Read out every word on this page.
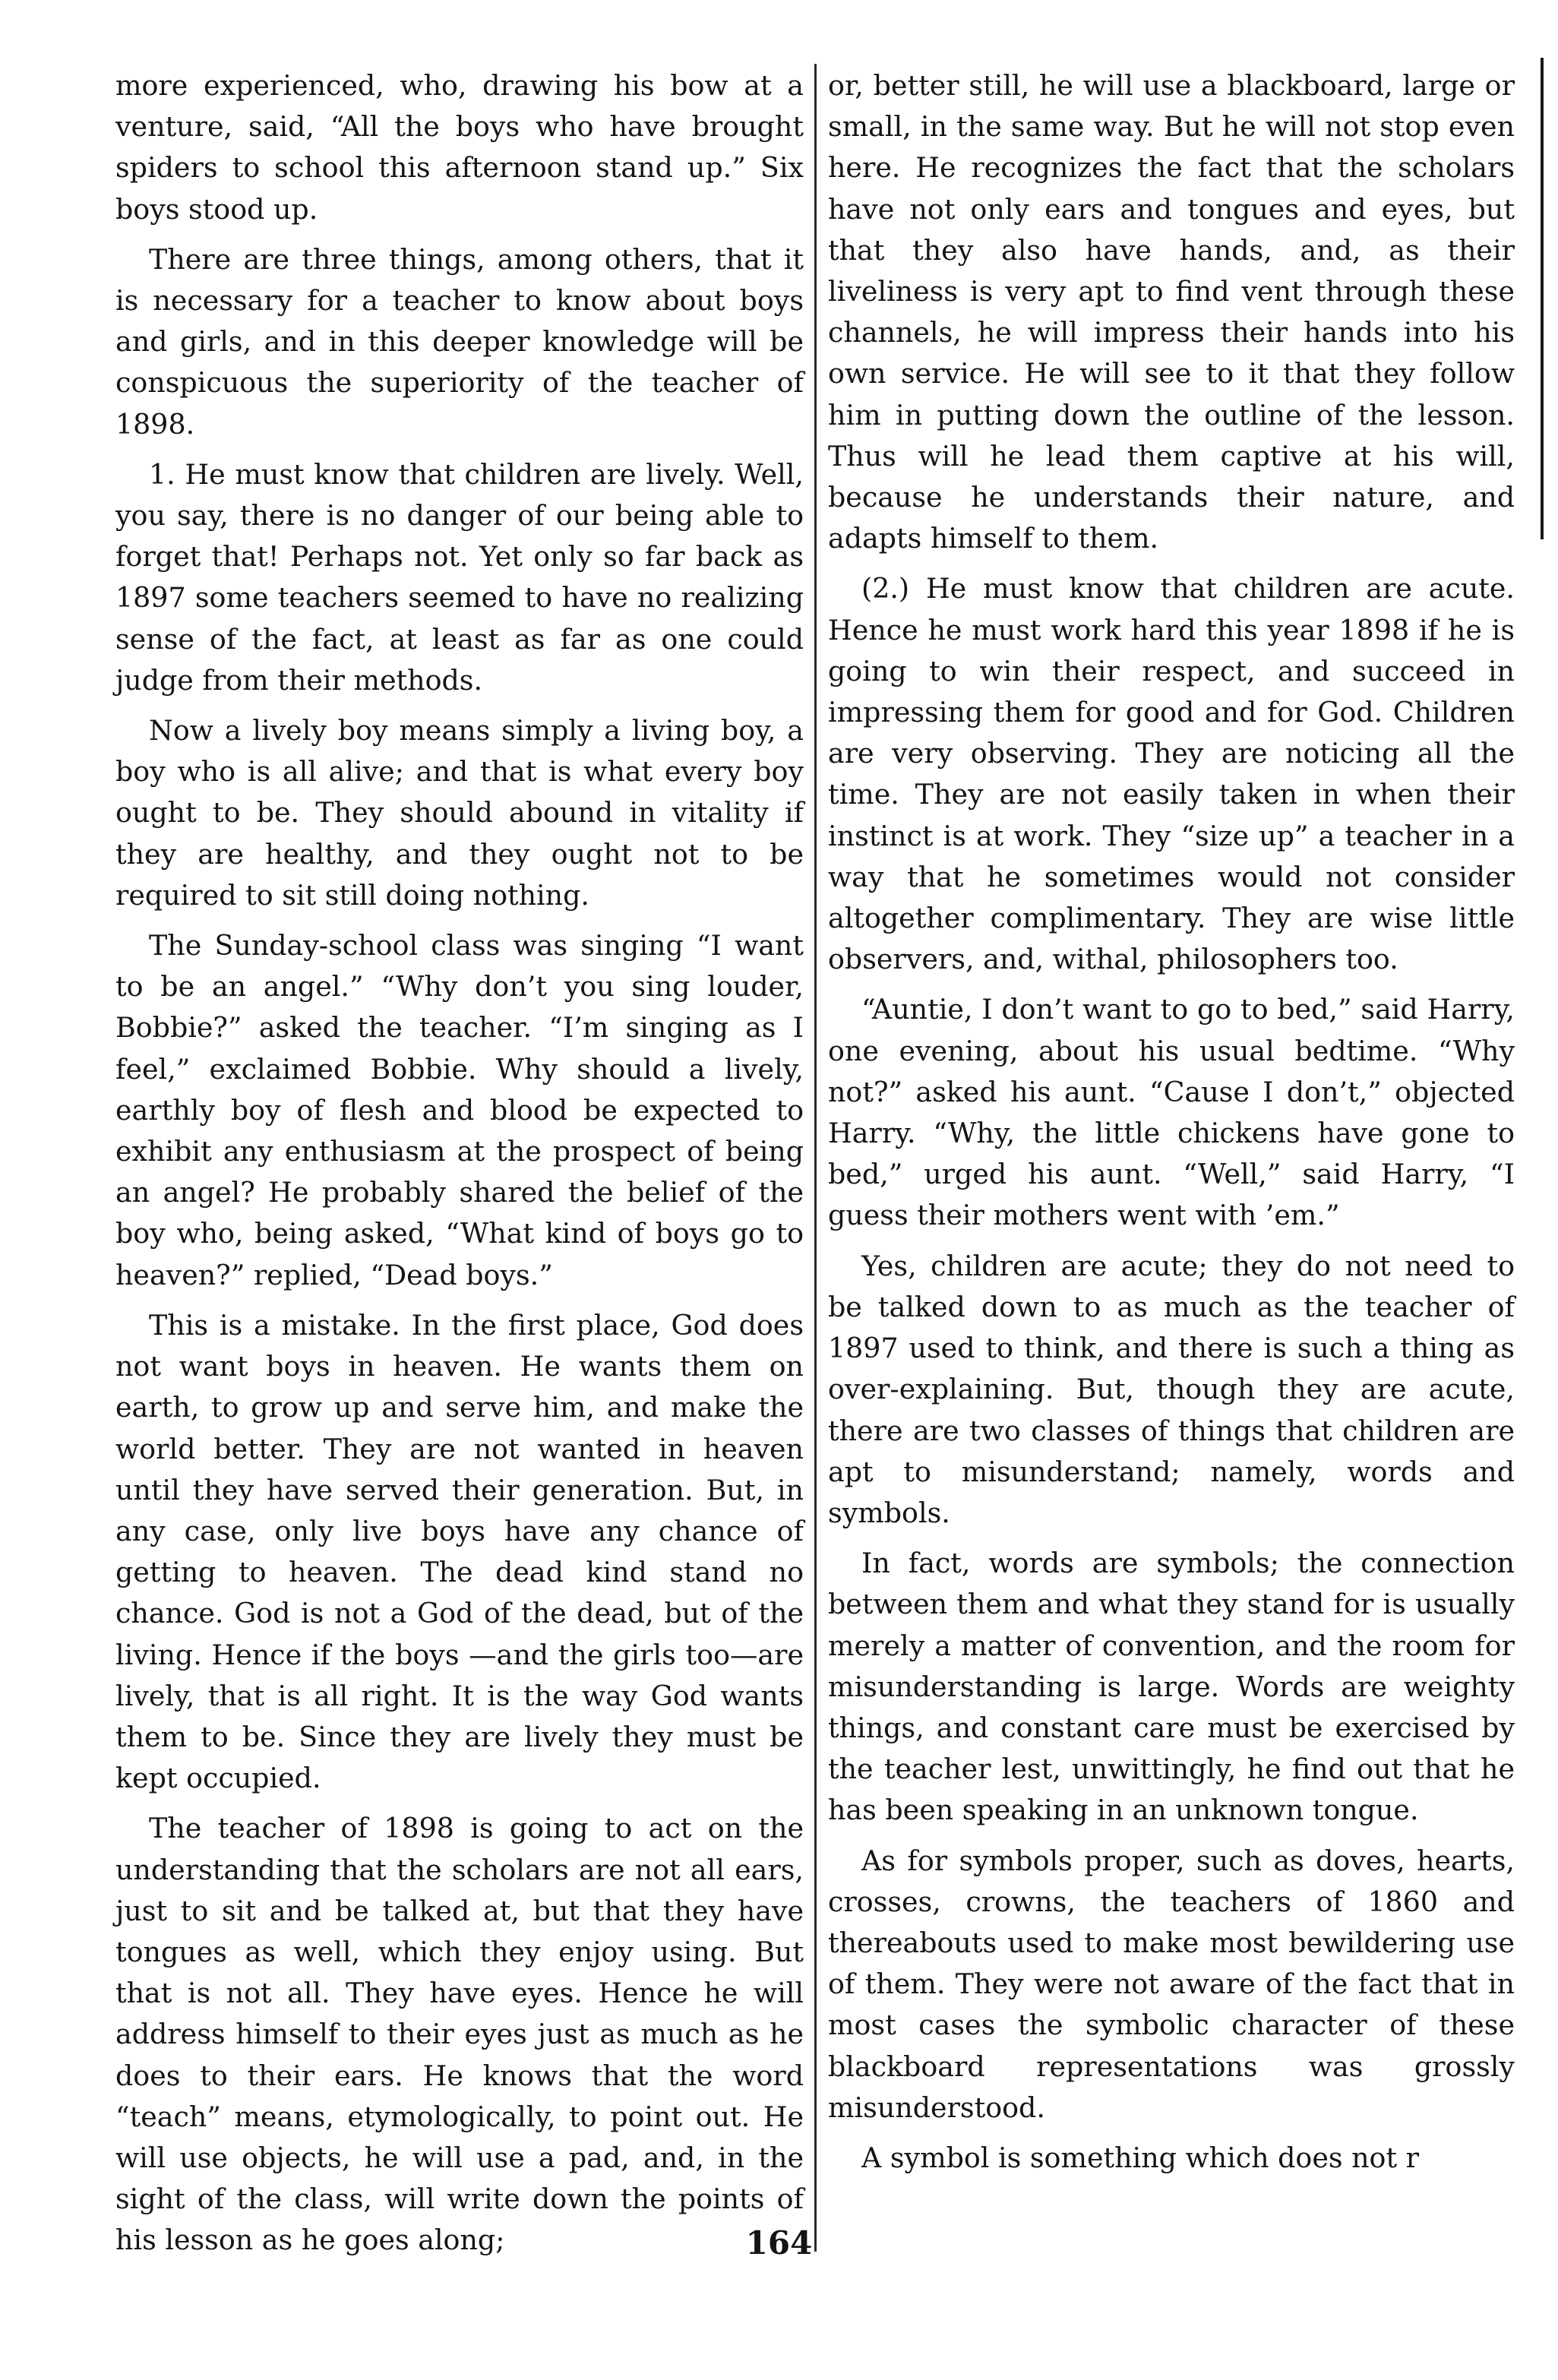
more experienced, who, drawing his bow at a venture, said, “All the boys who have brought spiders to school this afternoon stand up.” Six boys stood up.

There are three things, among others, that it is necessary for a teacher to know about boys and girls, and in this deeper knowledge will be conspicuous the superiority of the teacher of 1898.

1. He must know that children are lively. Well, you say, there is no danger of our being able to forget that! Perhaps not. Yet only so far back as 1897 some teachers seemed to have no realizing sense of the fact, at least as far as one could judge from their methods.

Now a lively boy means simply a living boy, a boy who is all alive; and that is what every boy ought to be. They should abound in vitality if they are healthy, and they ought not to be required to sit still doing nothing.

The Sunday-school class was singing “I want to be an angel.” “Why don’t you sing louder, Bobbie?” asked the teacher. “I’m singing as I feel,” exclaimed Bobbie. Why should a lively, earthly boy of flesh and blood be expected to exhibit any enthusiasm at the prospect of being an angel? He probably shared the belief of the boy who, being asked, “What kind of boys go to heaven?” replied, “Dead boys.”

This is a mistake. In the first place, God does not want boys in heaven. He wants them on earth, to grow up and serve him, and make the world better. They are not wanted in heaven until they have served their generation. But, in any case, only live boys have any chance of getting to heaven. The dead kind stand no chance. God is not a God of the dead, but of the living. Hence if the boys —and the girls too—are lively, that is all right. It is the way God wants them to be. Since they are lively they must be kept occupied.

The teacher of 1898 is going to act on the understanding that the scholars are not all ears, just to sit and be talked at, but that they have tongues as well, which they enjoy using. But that is not all. They have eyes. Hence he will address himself to their eyes just as much as he does to their ears. He knows that the word “teach” means, etymologically, to point out. He will use objects, he will use a pad, and, in the sight of the class, will write down the points of his lesson as he goes along;

or, better still, he will use a blackboard, large or small, in the same way. But he will not stop even here. He recognizes the fact that the scholars have not only ears and tongues and eyes, but that they also have hands, and, as their liveliness is very apt to find vent through these channels, he will impress their hands into his own service. He will see to it that they follow him in putting down the outline of the lesson. Thus will he lead them captive at his will, because he understands their nature, and adapts himself to them.

(2.) He must know that children are acute. Hence he must work hard this year 1898 if he is going to win their respect, and succeed in impressing them for good and for God. Children are very observing. They are noticing all the time. They are not easily taken in when their instinct is at work. They “size up” a teacher in a way that he sometimes would not consider altogether complimentary. They are wise little observers, and, withal, philosophers too.

“Auntie, I don’t want to go to bed,” said Harry, one evening, about his usual bedtime. “Why not?” asked his aunt. “Cause I don’t,” objected Harry. “Why, the little chickens have gone to bed,” urged his aunt. “Well,” said Harry, “I guess their mothers went with ’em.”

Yes, children are acute; they do not need to be talked down to as much as the teacher of 1897 used to think, and there is such a thing as over-explaining. But, though they are acute, there are two classes of things that children are apt to misunderstand; namely, words and symbols.

In fact, words are symbols; the connection between them and what they stand for is usually merely a matter of convention, and the room for misunderstanding is large. Words are weighty things, and constant care must be exercised by the teacher lest, unwittingly, he find out that he has been speaking in an unknown tongue.

As for symbols proper, such as doves, hearts, crosses, crowns, the teachers of 1860 and thereabouts used to make most bewildering use of them. They were not aware of the fact that in most cases the symbolic character of these blackboard representations was grossly misunderstood.

A symbol is something which does not r

164
